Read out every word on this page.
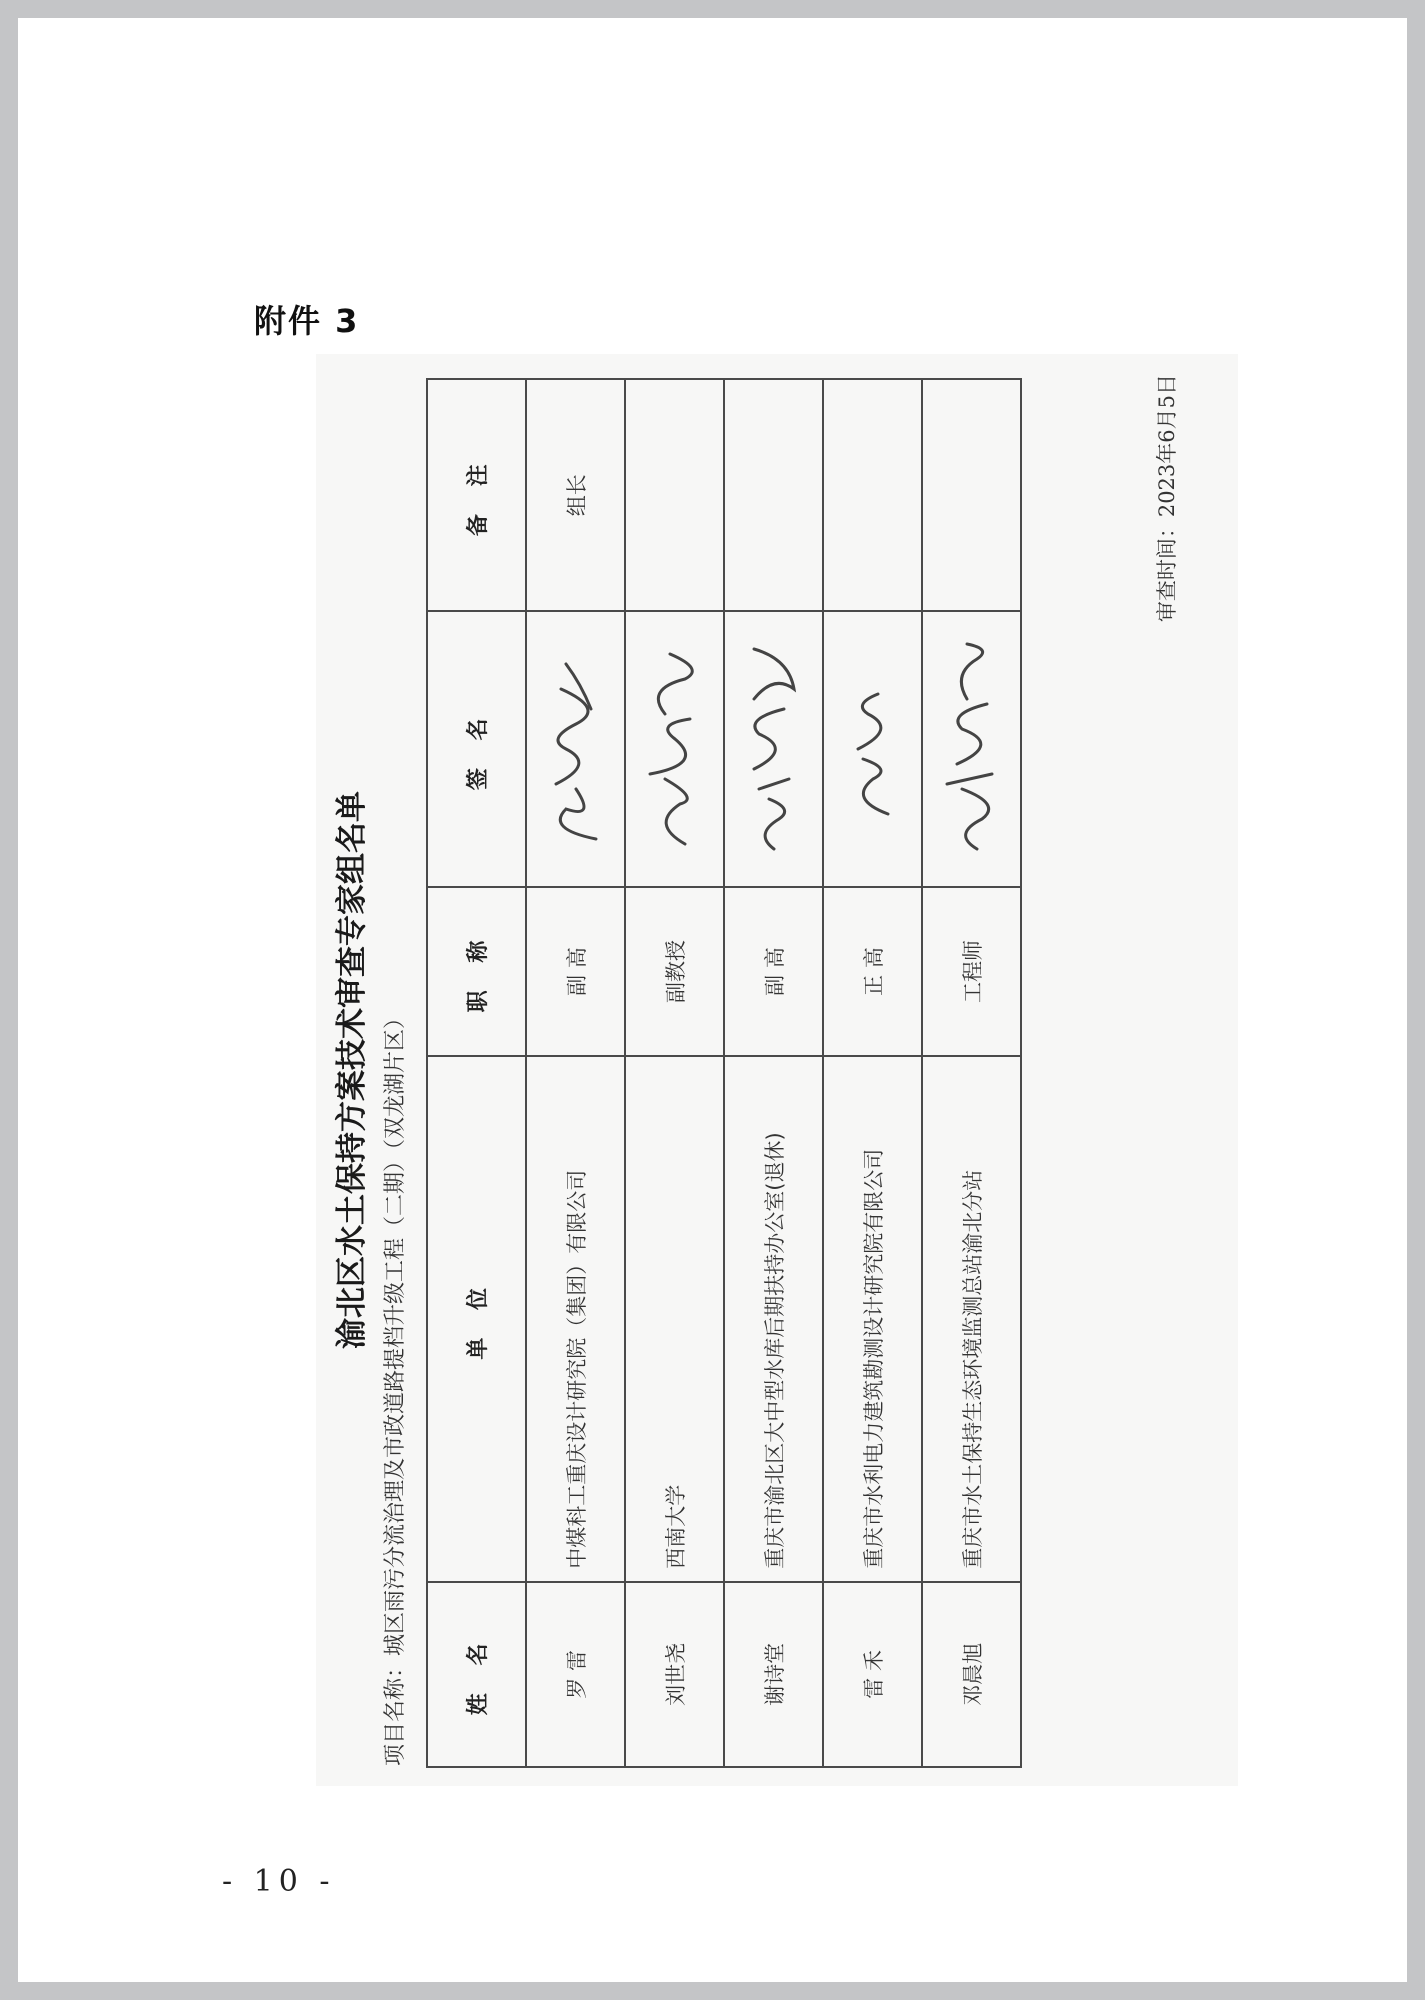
附件 3
渝北区水土保持方案技术审查专家组名单 项目名称：城区雨污分流治理及市政道路提档升级工程（二期）（双龙湖片区）	姓 名	单 位	职 称	签 名	备 注
罗 雷	中煤科工重庆设计研究院（集团）有限公司	副 高		组长
刘世尧	西南大学	副教授	

谢诗堂	重庆市渝北区大中型水库后期扶持办公室(退休)	副 高	

雷 禾	重庆市水利电力建筑勘测设计研究院有限公司	正 高	

邓晨旭	重庆市水土保持生态环境监测总站渝北分站	工程师	

审查时间：2023年6月5日
- 10 -
